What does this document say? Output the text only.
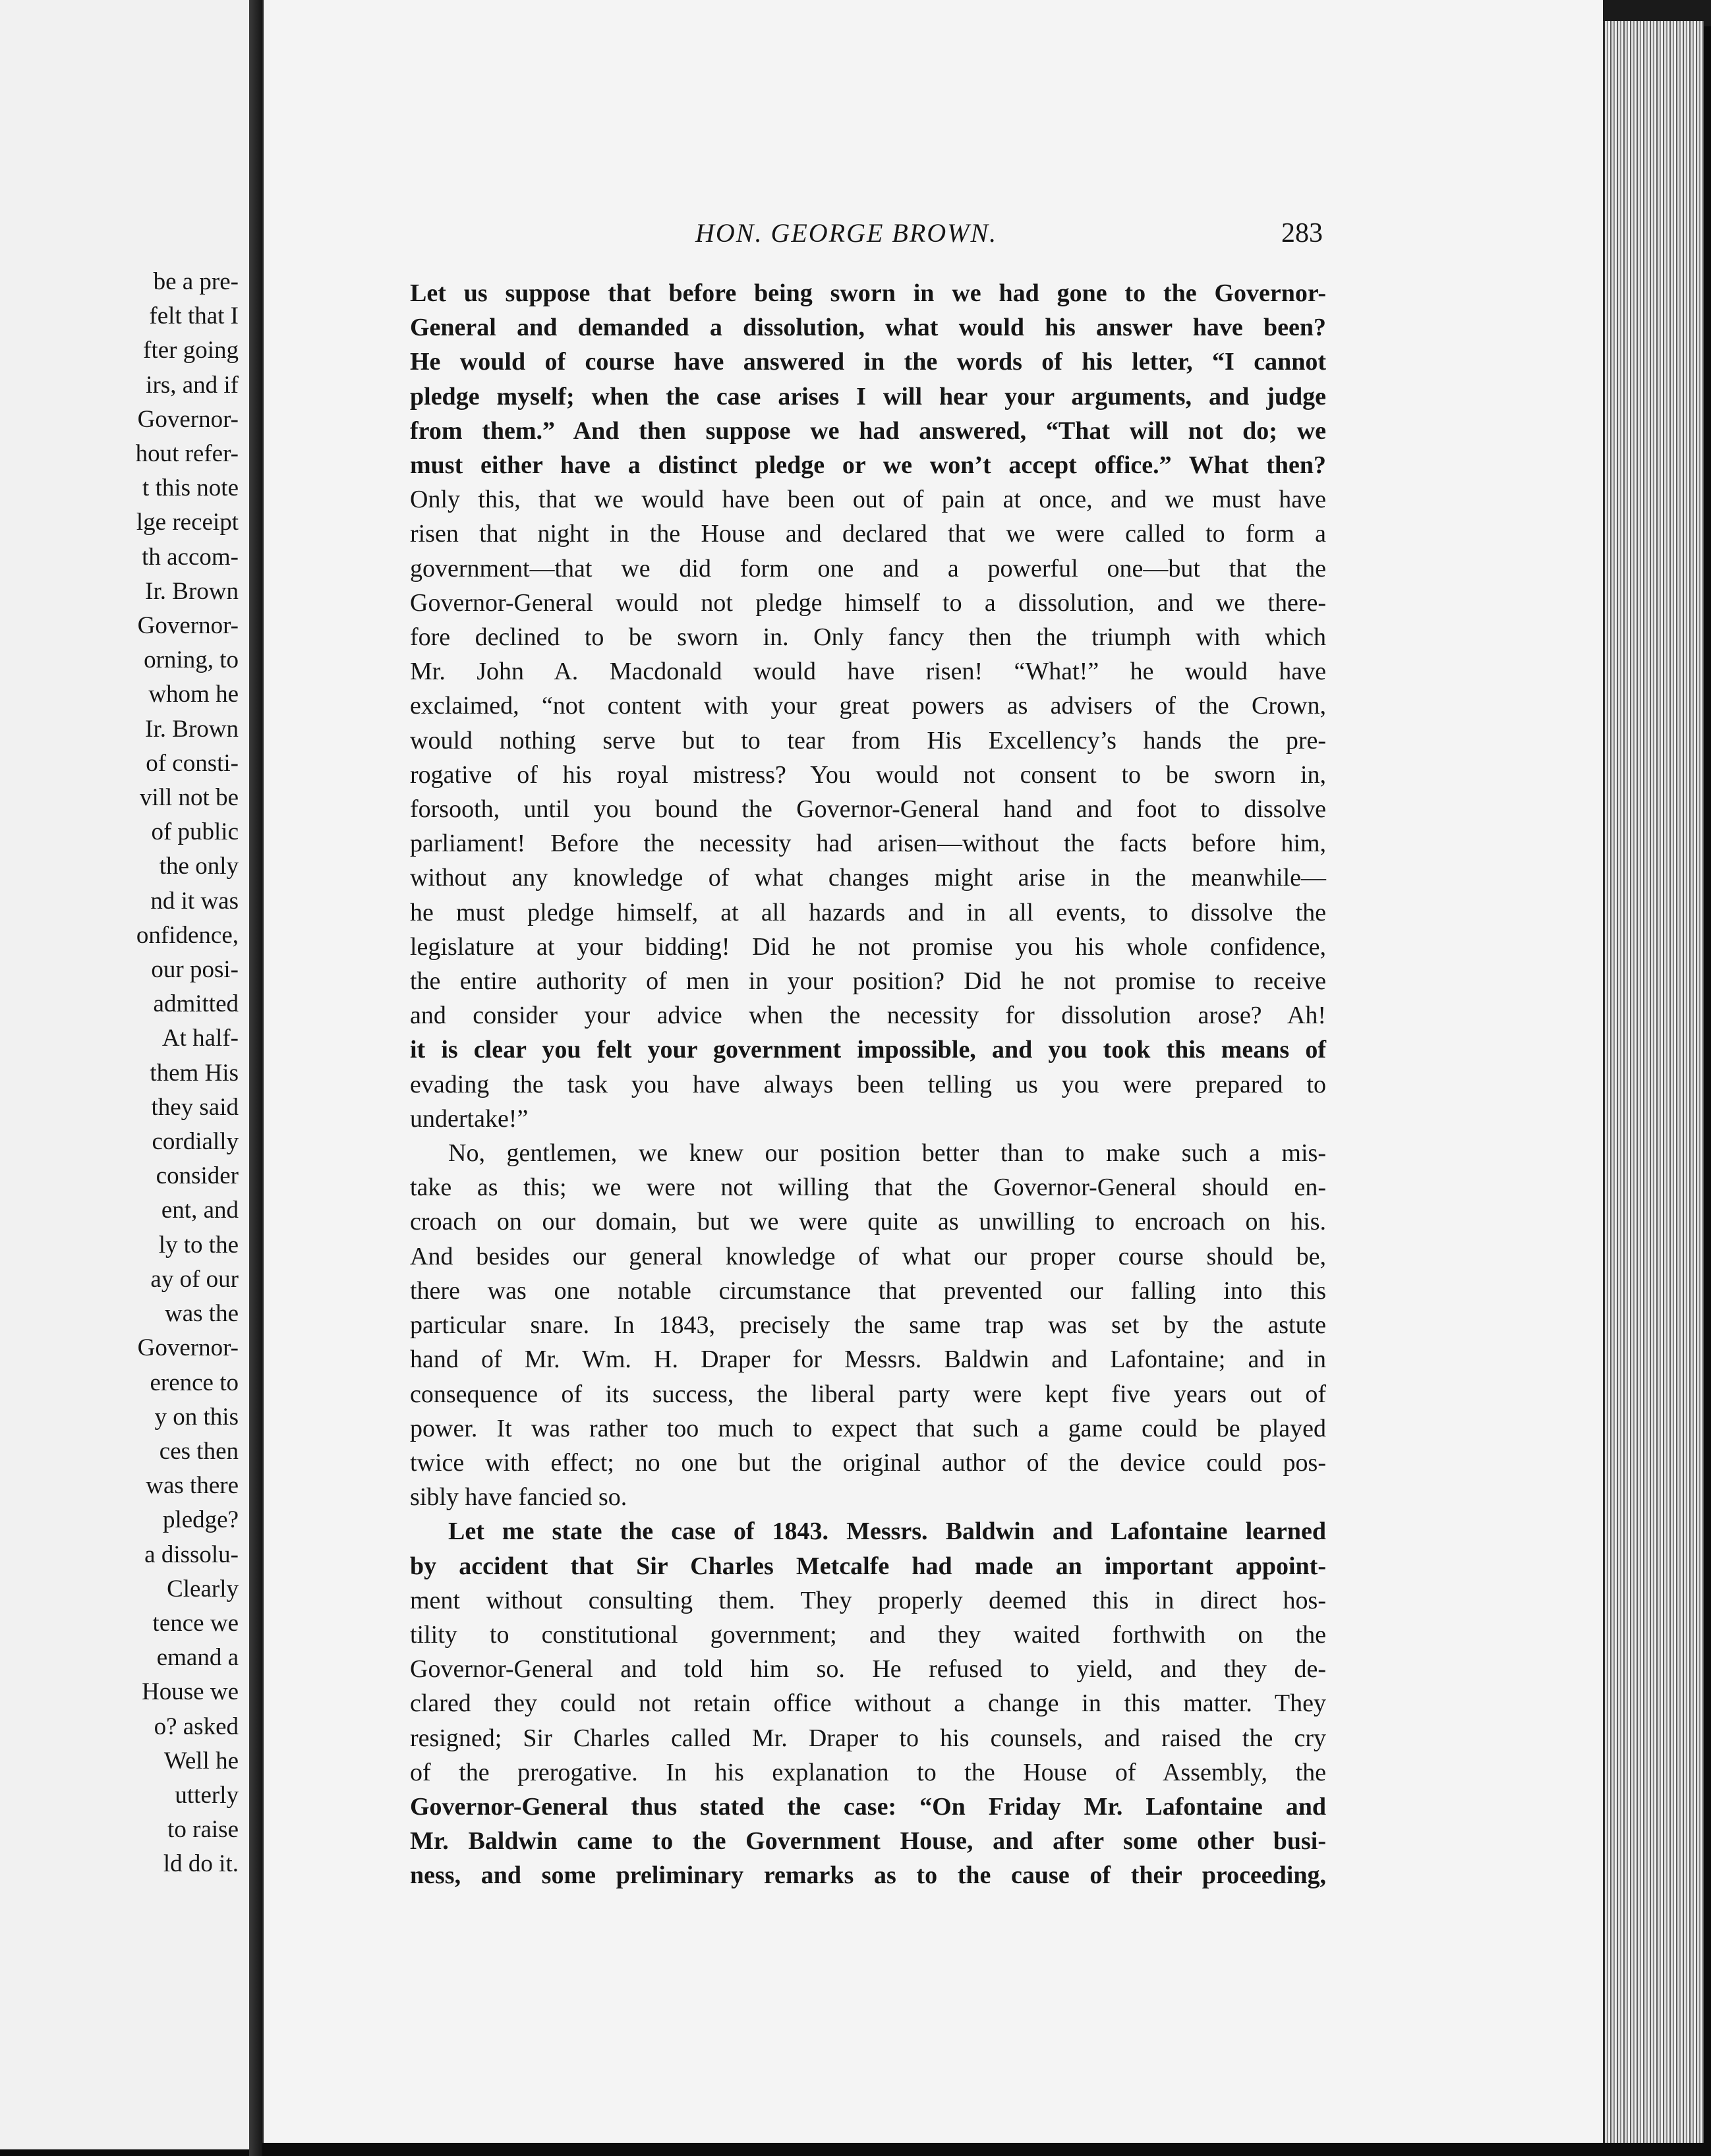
be a pre-
felt that I
fter going
irs, and if
Governor-
hout refer-
t this note
lge receipt
th accom-
Ir. Brown
Governor-
orning, to
whom he
Ir. Brown
of consti-
vill not be
of public
the only
nd it was
onfidence,
our posi-
admitted
At half-
them His
they said
cordially
consider
ent, and
ly to the
ay of our
was the
Governor-
erence to
y on this
ces then
was there
pledge?
a dissolu-
Clearly
tence we
emand a
House we
o? asked
Well he
utterly
to raise
ld do it.
HON. GEORGE BROWN.	283
Let us suppose that before being sworn in we had gone to the Governor-
General and demanded a dissolution, what would his answer have been?
He would of course have answered in the words of his letter, “I cannot
pledge myself; when the case arises I will hear your arguments, and judge
from them.” And then suppose we had answered, “That will not do; we
must either have a distinct pledge or we won’t accept office.” What then?
Only this, that we would have been out of pain at once, and we must have
risen that night in the House and declared that we were called to form a
government—that we did form one and a powerful one—but that the
Governor-General would not pledge himself to a dissolution, and we there-
fore declined to be sworn in. Only fancy then the triumph with which
Mr. John A. Macdonald would have risen! “What!” he would have
exclaimed, “not content with your great powers as advisers of the Crown,
would nothing serve but to tear from His Excellency’s hands the pre-
rogative of his royal mistress? You would not consent to be sworn in,
forsooth, until you bound the Governor-General hand and foot to dissolve
parliament! Before the necessity had arisen—without the facts before him,
without any knowledge of what changes might arise in the meanwhile—
he must pledge himself, at all hazards and in all events, to dissolve the
legislature at your bidding! Did he not promise you his whole confidence,
the entire authority of men in your position? Did he not promise to receive
and consider your advice when the necessity for dissolution arose? Ah!
it is clear you felt your government impossible, and you took this means of
evading the task you have always been telling us you were prepared to
undertake!”
No, gentlemen, we knew our position better than to make such a mis-
take as this; we were not willing that the Governor-General should en-
croach on our domain, but we were quite as unwilling to encroach on his.
And besides our general knowledge of what our proper course should be,
there was one notable circumstance that prevented our falling into this
particular snare. In 1843, precisely the same trap was set by the astute
hand of Mr. Wm. H. Draper for Messrs. Baldwin and Lafontaine; and in
consequence of its success, the liberal party were kept five years out of
power. It was rather too much to expect that such a game could be played
twice with effect; no one but the original author of the device could pos-
sibly have fancied so.
Let me state the case of 1843. Messrs. Baldwin and Lafontaine learned
by accident that Sir Charles Metcalfe had made an important appoint-
ment without consulting them. They properly deemed this in direct hos-
tility to constitutional government; and they waited forthwith on the
Governor-General and told him so. He refused to yield, and they de-
clared they could not retain office without a change in this matter. They
resigned; Sir Charles called Mr. Draper to his counsels, and raised the cry
of the prerogative. In his explanation to the House of Assembly, the
Governor-General thus stated the case: “On Friday Mr. Lafontaine and
Mr. Baldwin came to the Government House, and after some other busi-
ness, and some preliminary remarks as to the cause of their proceeding,
